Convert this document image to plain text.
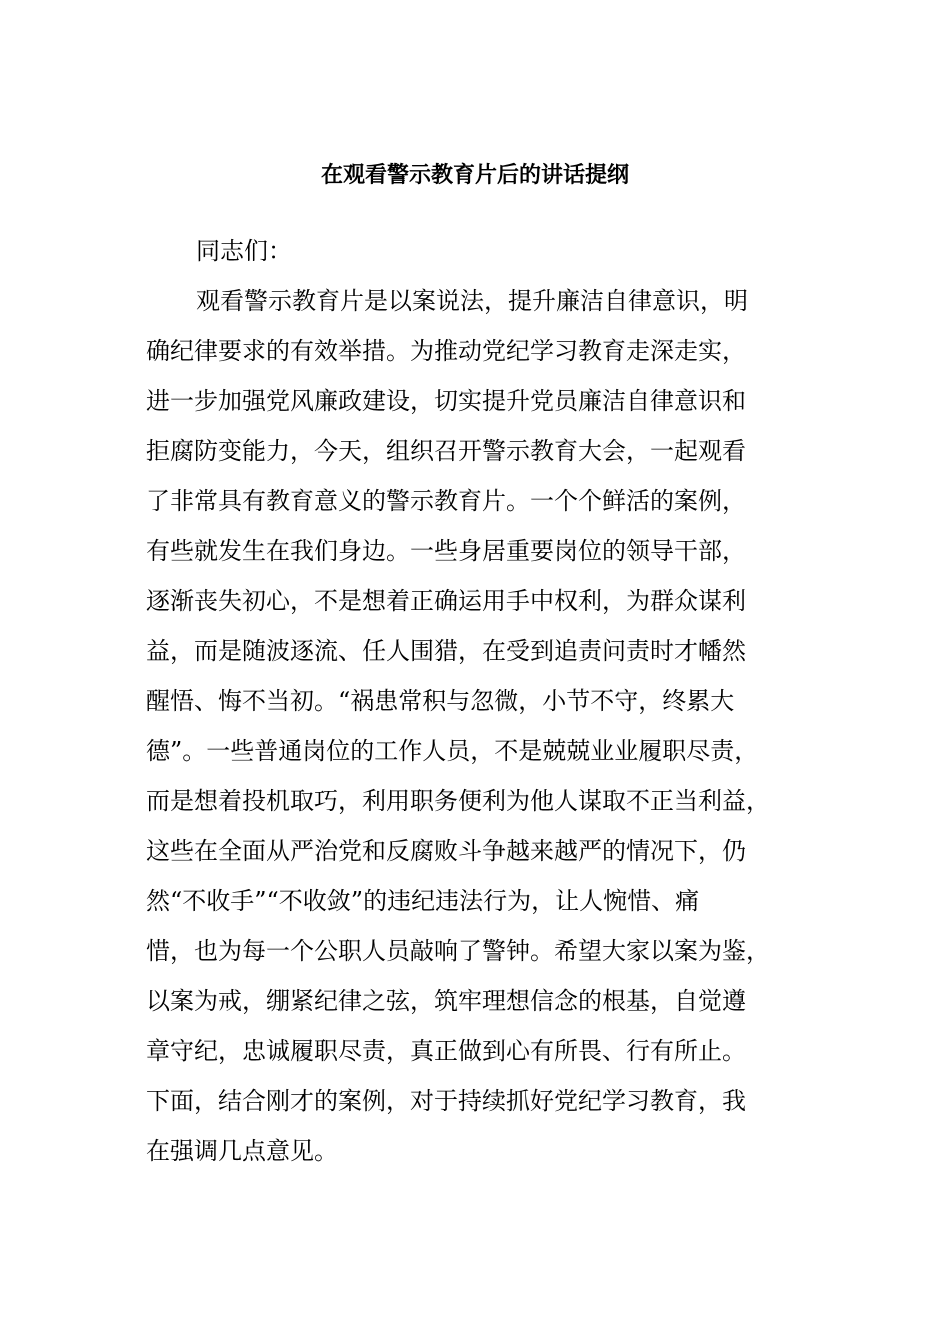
在观看警示教育片后的讲话提纲

同志们：

观看警示教育片是以案说法，提升廉洁自律意识，明
确纪律要求的有效举措。为推动党纪学习教育走深走实，
进一步加强党风廉政建设，切实提升党员廉洁自律意识和
拒腐防变能力，今天，组织召开警示教育大会，一起观看
了非常具有教育意义的警示教育片。一个个鲜活的案例，
有些就发生在我们身边。一些身居重要岗位的领导干部，
逐渐丧失初心，不是想着正确运用手中权利，为群众谋利
益，而是随波逐流、任人围猎，在受到追责问责时才幡然
醒悟、悔不当初。“祸患常积与忽微，小节不守，终累大
德”。一些普通岗位的工作人员，不是兢兢业业履职尽责，
而是想着投机取巧，利用职务便利为他人谋取不正当利益，
这些在全面从严治党和反腐败斗争越来越严的情况下，仍
然“不收手”“不收敛”的违纪违法行为，让人惋惜、痛
惜，也为每一个公职人员敲响了警钟。希望大家以案为鉴，
以案为戒，绷紧纪律之弦，筑牢理想信念的根基，自觉遵
章守纪，忠诚履职尽责，真正做到心有所畏、行有所止。
下面，结合刚才的案例，对于持续抓好党纪学习教育，我
在强调几点意见。
